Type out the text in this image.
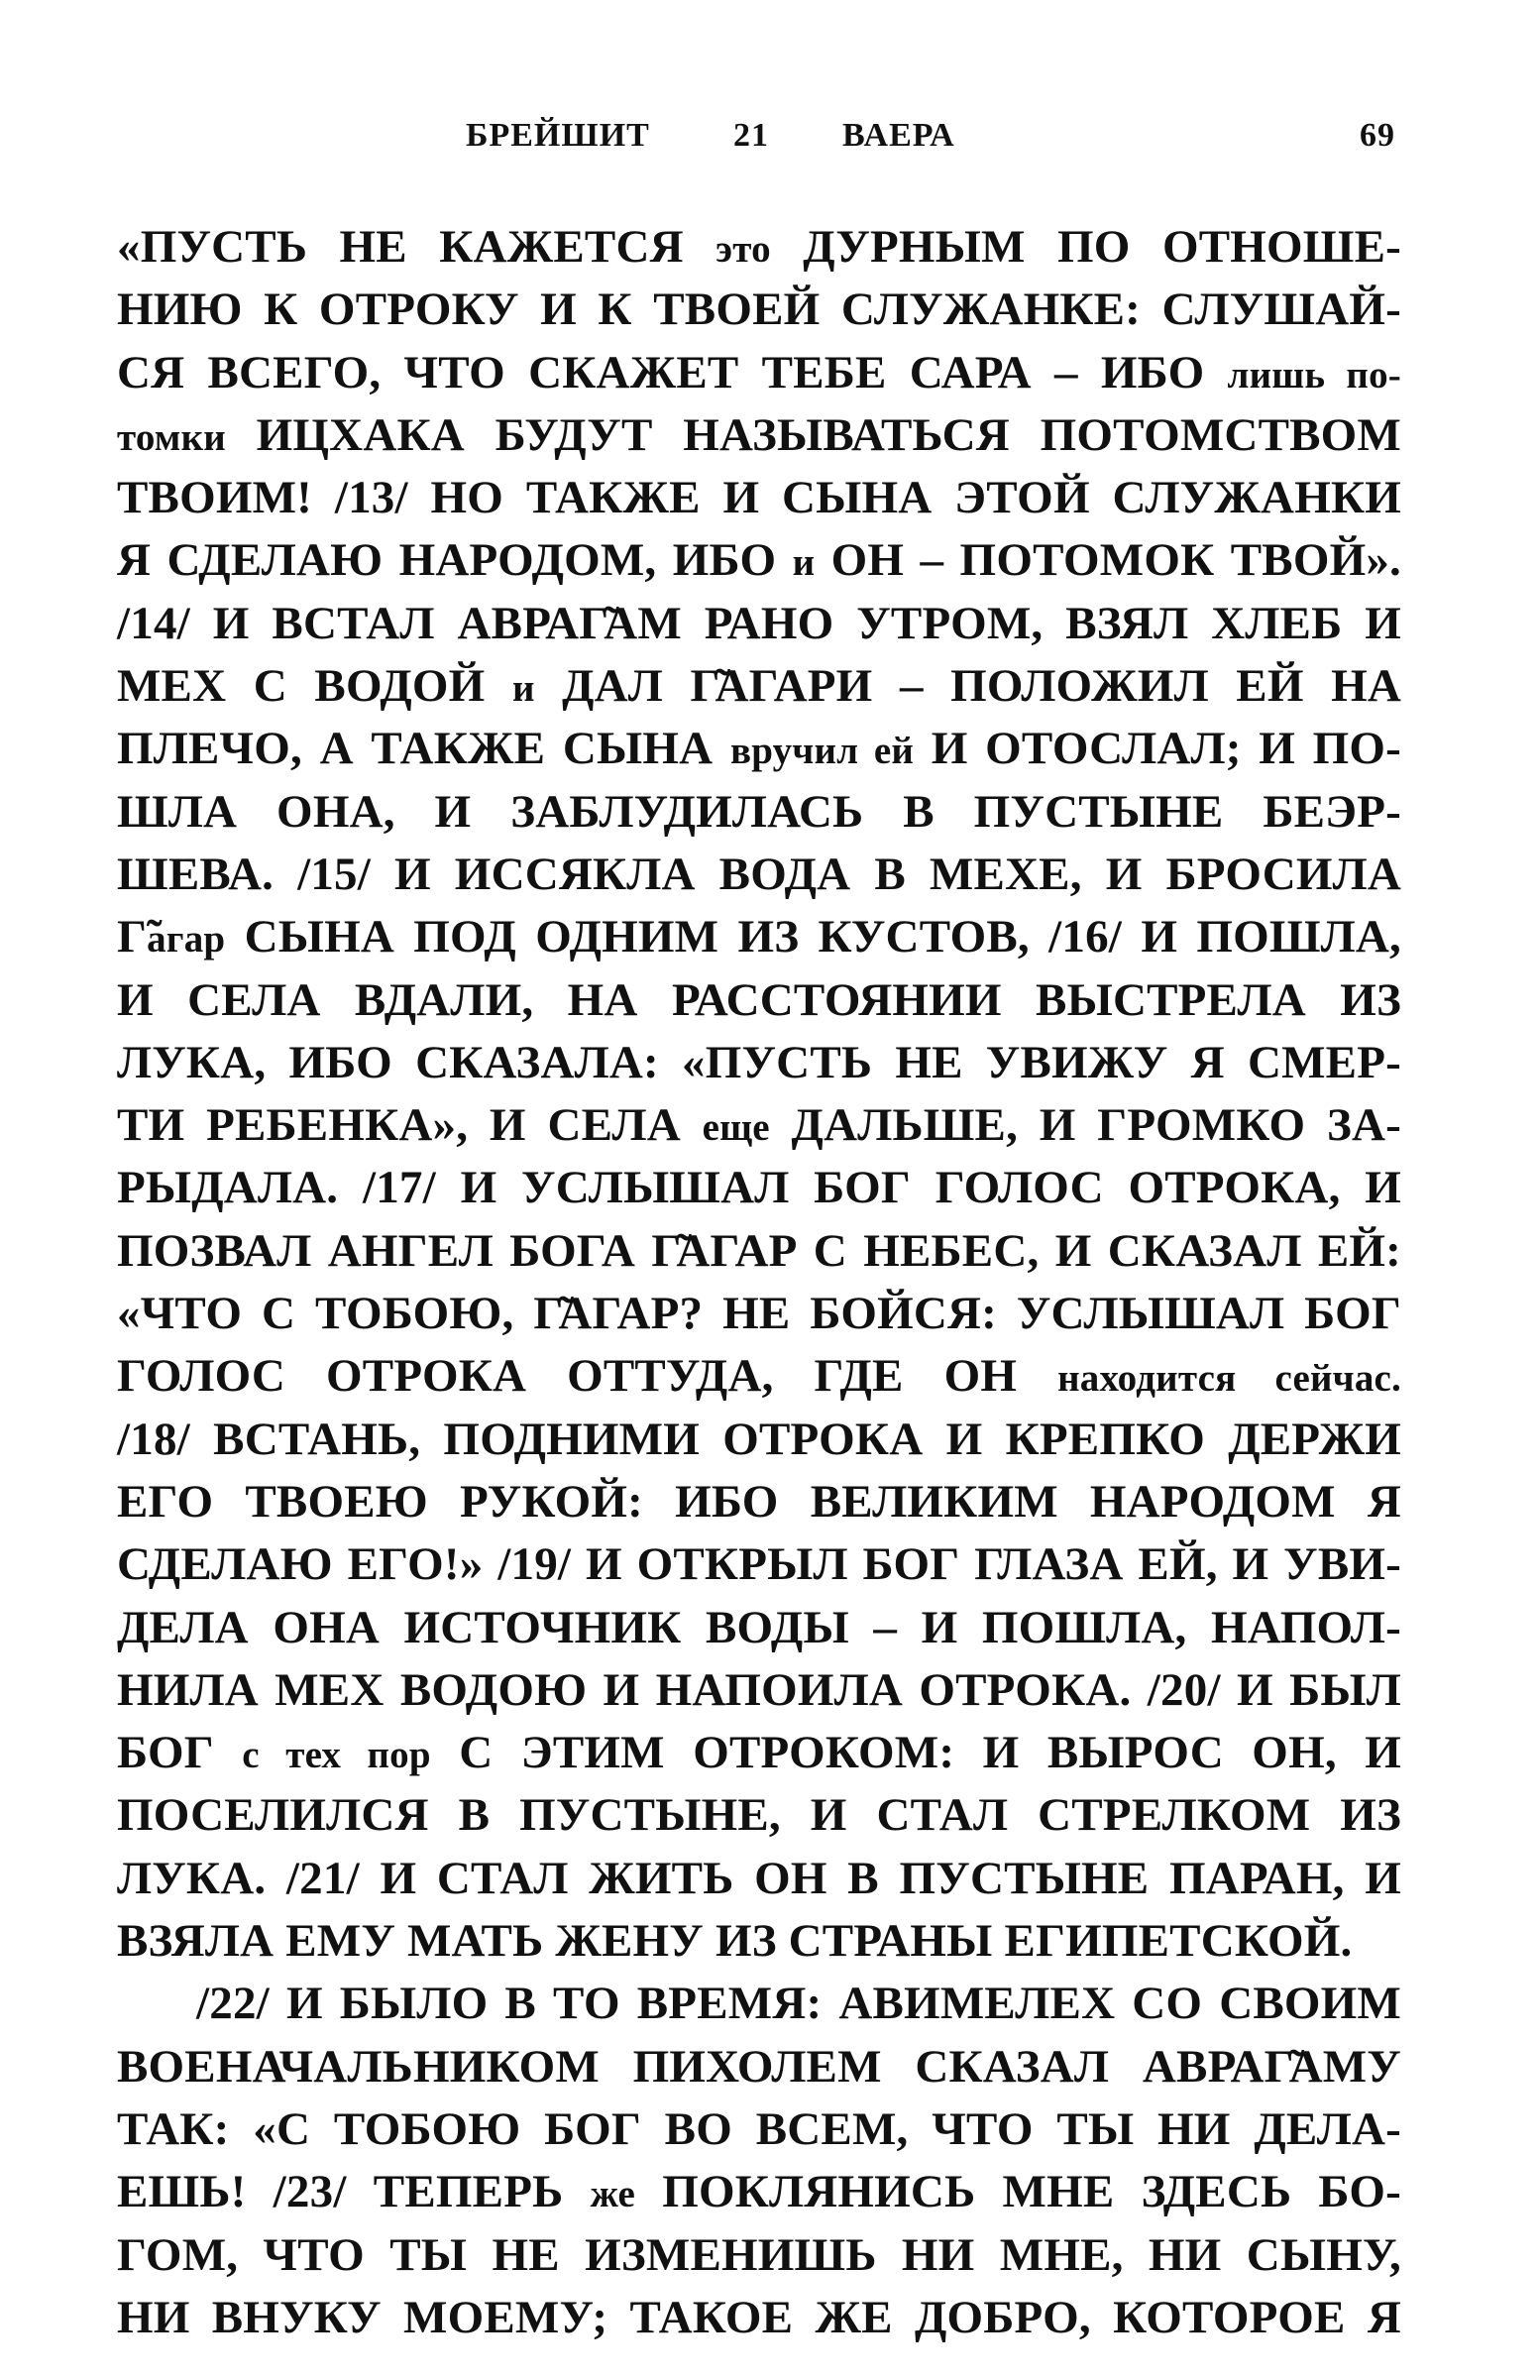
БРЕЙШИТ 21 ВАЕРА	69
«ПУСТЬ НЕ КАЖЕТСЯ это ДУРНЫМ ПО ОТНОШЕ-
НИЮ К ОТРОКУ И К ТВОЕЙ СЛУЖАНКЕ: СЛУШАЙ-
СЯ ВСЕГО, ЧТО СКАЖЕТ ТЕБЕ САРА – ИБО лишь по-
томки ИЦХАКА БУДУТ НАЗЫВАТЬСЯ ПОТОМСТВОМ
ТВОИМ! /13/ НО ТАКЖЕ И СЫНА ЭТОЙ СЛУЖАНКИ
Я СДЕЛАЮ НАРОДОМ, ИБО и ОН – ПОТОМОК ТВОЙ».
/14/ И ВСТАЛ АВРАГ̃АМ РАНО УТРОМ, ВЗЯЛ ХЛЕБ И
МЕХ С ВОДОЙ и ДАЛ Г̃АГАРИ – ПОЛОЖИЛ ЕЙ НА
ПЛЕЧО, А ТАКЖЕ СЫНА вручил ей И ОТОСЛАЛ; И ПО-
ШЛА ОНА, И ЗАБЛУДИЛАСЬ В ПУСТЫНЕ БЕЭР-
ШЕВА. /15/ И ИССЯКЛА ВОДА В МЕХЕ, И БРОСИЛА
Г̃агар СЫНА ПОД ОДНИМ ИЗ КУСТОВ, /16/ И ПОШЛА,
И СЕЛА ВДАЛИ, НА РАССТОЯНИИ ВЫСТРЕЛА ИЗ
ЛУКА, ИБО СКАЗАЛА: «ПУСТЬ НЕ УВИЖУ Я СМЕР-
ТИ РЕБЕНКА», И СЕЛА еще ДАЛЬШЕ, И ГРОМКО ЗА-
РЫДАЛА. /17/ И УСЛЫШАЛ БОГ ГОЛОС ОТРОКА, И
ПОЗВАЛ АНГЕЛ БОГА Г̃АГАР С НЕБЕС, И СКАЗАЛ ЕЙ:
«ЧТО С ТОБОЮ, Г̃АГАР? НЕ БОЙСЯ: УСЛЫШАЛ БОГ
ГОЛОС ОТРОКА ОТТУДА, ГДЕ ОН находится сейчас.
/18/ ВСТАНЬ, ПОДНИМИ ОТРОКА И КРЕПКО ДЕРЖИ
ЕГО ТВОЕЮ РУКОЙ: ИБО ВЕЛИКИМ НАРОДОМ Я
СДЕЛАЮ ЕГО!» /19/ И ОТКРЫЛ БОГ ГЛАЗА ЕЙ, И УВИ-
ДЕЛА ОНА ИСТОЧНИК ВОДЫ – И ПОШЛА, НАПОЛ-
НИЛА МЕХ ВОДОЮ И НАПОИЛА ОТРОКА. /20/ И БЫЛ
БОГ с тех пор С ЭТИМ ОТРОКОМ: И ВЫРОС ОН, И
ПОСЕЛИЛСЯ В ПУСТЫНЕ, И СТАЛ СТРЕЛКОМ ИЗ
ЛУКА. /21/ И СТАЛ ЖИТЬ ОН В ПУСТЫНЕ ПАРАН, И
ВЗЯЛА ЕМУ МАТЬ ЖЕНУ ИЗ СТРАНЫ ЕГИПЕТСКОЙ.
/22/ И БЫЛО В ТО ВРЕМЯ: АВИМЕЛЕХ СО СВОИМ
ВОЕНАЧАЛЬНИКОМ ПИХОЛЕМ СКАЗАЛ АВРАГ̃АМУ
ТАК: «С ТОБОЮ БОГ ВО ВСЕМ, ЧТО ТЫ НИ ДЕЛА-
ЕШЬ! /23/ ТЕПЕРЬ же ПОКЛЯНИСЬ МНЕ ЗДЕСЬ БО-
ГОМ, ЧТО ТЫ НЕ ИЗМЕНИШЬ НИ МНЕ, НИ СЫНУ,
НИ ВНУКУ МОЕМУ; ТАКОЕ ЖЕ ДОБРО, КОТОРОЕ Я
